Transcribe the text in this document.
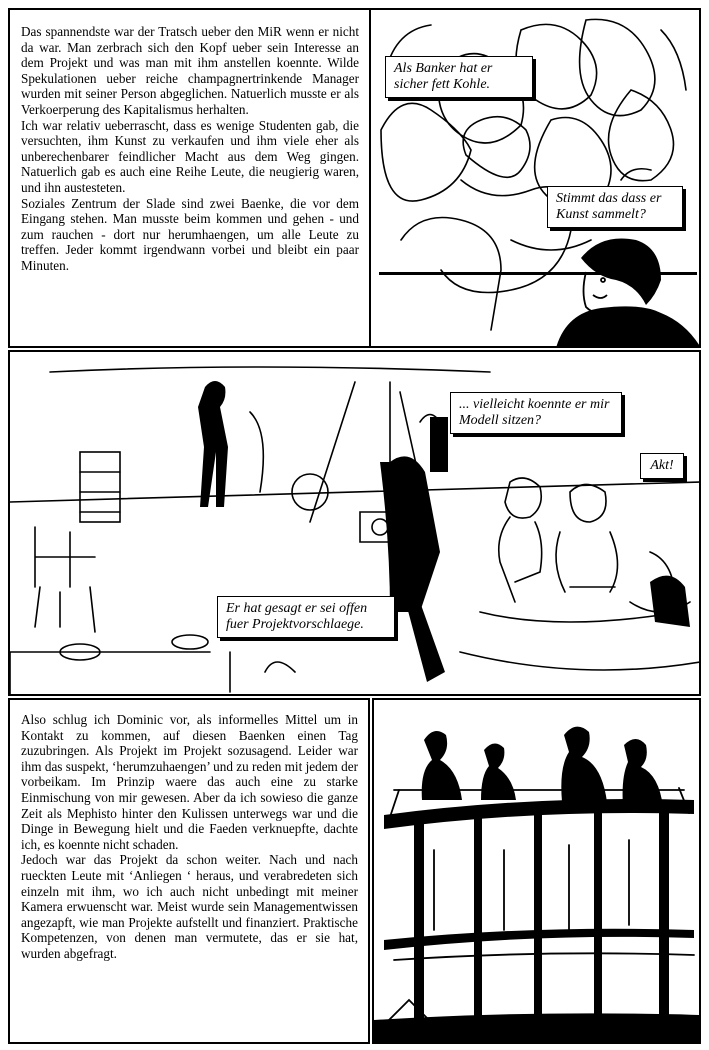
Das spannendste war der Tratsch ueber den MiR wenn er nicht da war. Man zerbrach sich den Kopf ueber sein Interesse an dem Projekt und was man mit ihm anstellen koennte. Wilde Spekulationen ueber reiche champagnertrinkende Manager wurden mit seiner Person abgeglichen. Natuerlich musste er als Verkoerperung des Kapitalismus herhalten.

Ich war relativ ueberrascht, dass es wenige Studenten gab, die versuchten, ihm Kunst zu verkaufen und ihm viele eher als unberechenbarer feindlicher Macht aus dem Weg gingen. Natuerlich gab es auch eine Reihe Leute, die neugierig waren, und ihn austesteten.

Soziales Zentrum der Slade sind zwei Baenke, die vor dem Eingang stehen. Man musste beim kommen und gehen - und zum rauchen - dort nur herumhaengen, um alle Leute zu treffen. Jeder kommt irgendwann vorbei und bleibt ein paar Minuten.

Als Banker hat er sicher fett Kohle.
Stimmt das dass er Kunst sammelt?
... vielleicht koennte er mir Modell sitzen?
Akt!
Er hat gesagt er sei offen fuer Projektvorschlaege.

Also schlug ich Dominic vor, als informelles Mittel um in Kontakt zu kommen, auf diesen Baenken einen Tag zuzubringen. Als Projekt im Projekt sozusagend. Leider war ihm das suspekt, ‘herumzuhaengen’ und zu reden mit jedem der vorbeikam. Im Prinzip waere das auch eine zu starke Einmischung von mir gewesen. Aber da ich sowieso die ganze Zeit als Mephisto hinter den Kulissen unterwegs war und die Dinge in Bewegung hielt und die Faeden verknuepfte, dachte ich, es koennte nicht schaden.

Jedoch war das Projekt da schon weiter. Nach und nach rueckten Leute mit ‘Anliegen ‘ heraus, und verabredeten sich einzeln mit ihm, wo ich auch nicht unbedingt mit meiner Kamera erwuenscht war. Meist wurde sein Managementwissen angezapft, wie man Projekte aufstellt und finanziert. Praktische Kompetenzen, von denen man vermutete, das er sie hat, wurden abgefragt.
